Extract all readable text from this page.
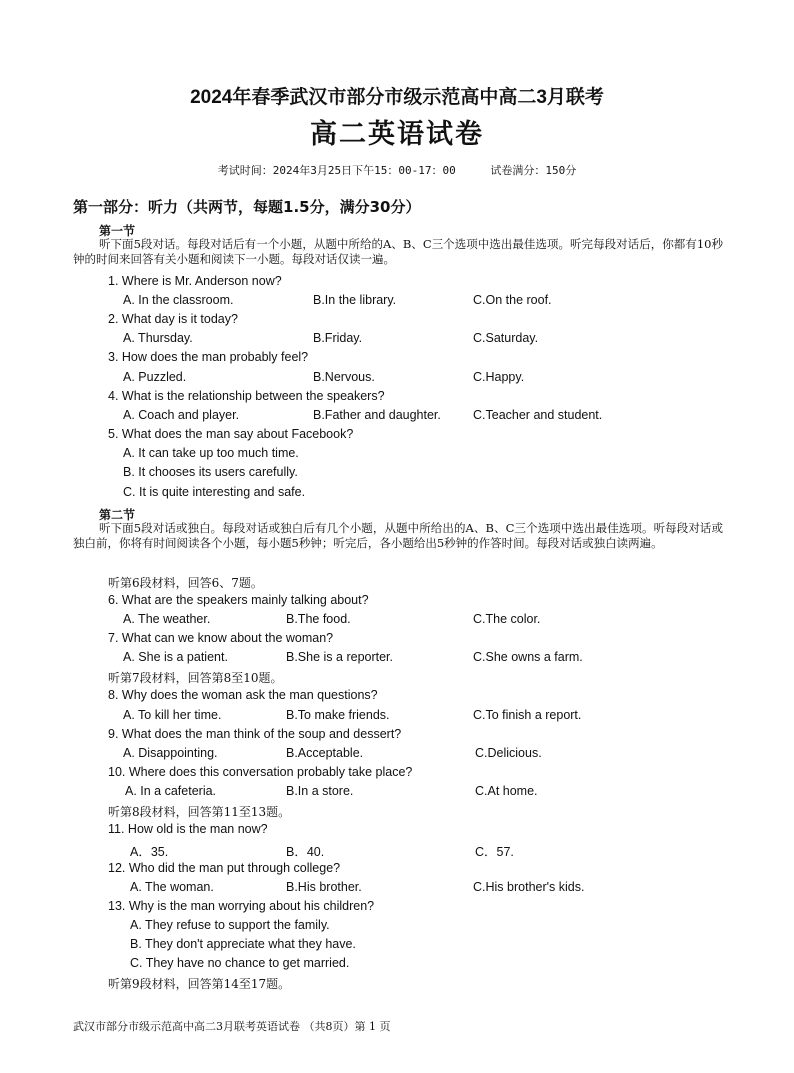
2024年春季武汉市部分市级示范高中高二3月联考
高二英语试卷
考试时间：2024年3月25日下午15：00-17：00	试卷满分：150分
第一部分：听力（共两节，每题1.5分，满分30分）
第一节
听下面5段对话。每段对话后有一个小题，从题中所给的A、B、C三个选项中选出最佳选项。听完每段对话后，你都有10秒钟的时间来回答有关小题和阅读下一小题。每段对话仅读一遍。
1. Where is Mr. Anderson now?
A. In the classroom.	B.In the library.	C.On the roof.
2. What day is it today?
A. Thursday.	B.Friday.	C.Saturday.
3. How does the man probably feel?
A. Puzzled.	B.Nervous.	C.Happy.
4. What is the relationship between the speakers?
A. Coach and player.	B.Father and daughter.	C.Teacher and student.
5. What does the man say about Facebook?
A. It can take up too much time.
B. It chooses its users carefully.
C. It is quite interesting and safe.
第二节
听下面5段对话或独白。每段对话或独白后有几个小题，从题中所给出的A、B、C三个选项中选出最佳选项。听每段对话或独白前，你将有时间阅读各个小题，每小题5秒钟；听完后，各小题给出5秒钟的作答时间。每段对话或独白读两遍。
听第6段材料，回答6、7题。
6. What are the speakers mainly talking about?
A. The weather.	B.The food.	C.The color.
7. What can we know about the woman?
A. She is a patient.	B.She is a reporter.	C.She owns a farm.
听第7段材料，回答第8至10题。
8. Why does the woman ask the man questions?
A. To kill her time.	B.To make friends.	C.To finish a report.
9. What does the man think of the soup and dessert?
A. Disappointing.	B.Acceptable.	C.Delicious.
10. Where does this conversation probably take place?
A. In a cafeteria.	B.In a store.	C.At home.
听第8段材料，回答第11至13题。
11. How old is the man now?
A．35.	B．40.	C．57.
12. Who did the man put through college?
A. The woman.	B.His brother.	C.His brother's kids.
13. Why is the man worrying about his children?
A. They refuse to support the family.
B. They don't appreciate what they have.
C. They have no chance to get married.
听第9段材料，回答第14至17题。
武汉市部分市级示范高中高二3月联考英语试卷 （共8页）第 1 页
